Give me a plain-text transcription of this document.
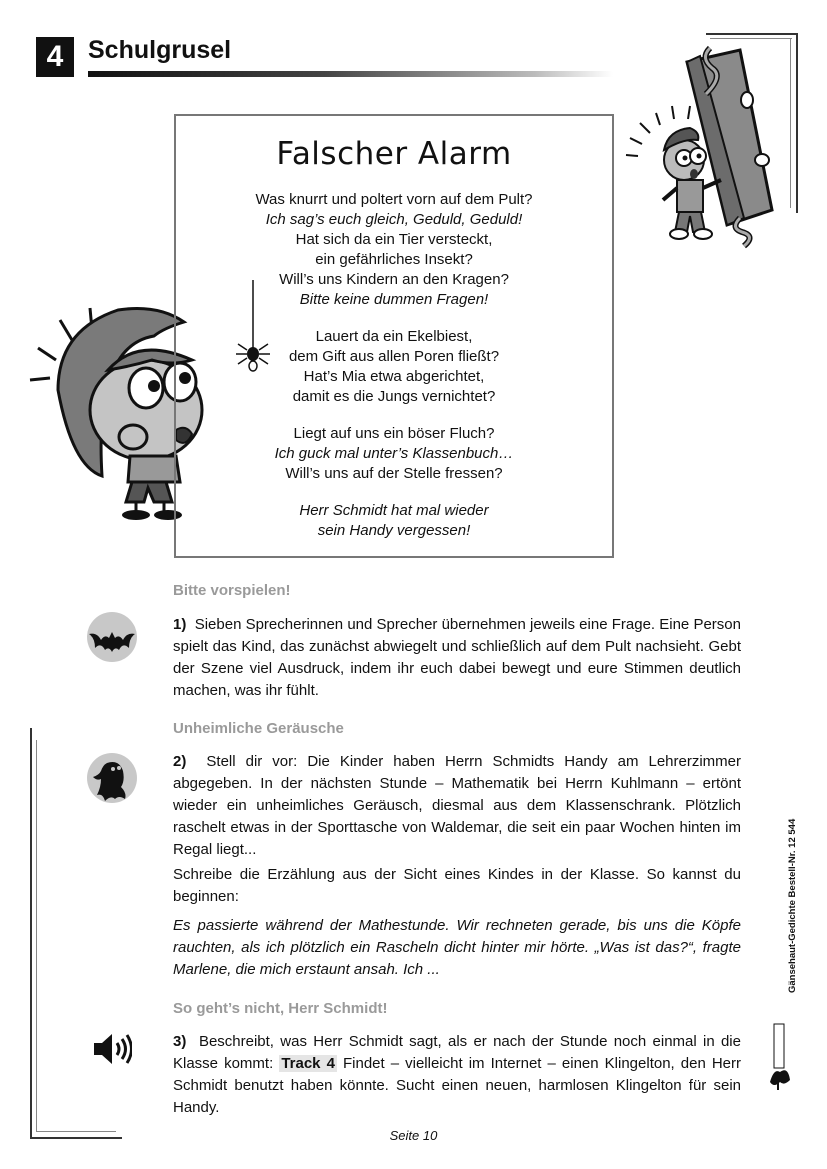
4 Schulgrusel
Falscher Alarm
Was knurrt und poltert vorn auf dem Pult?
Ich sag’s euch gleich, Geduld, Geduld!
Hat sich da ein Tier versteckt,
ein gefährliches Insekt?
Will’s uns Kindern an den Kragen?
Bitte keine dummen Fragen!
Lauert da ein Ekelbiest,
dem Gift aus allen Poren fließt?
Hat’s Mia etwa abgerichtet,
damit es die Jungs vernichtet?
Liegt auf uns ein böser Fluch?
Ich guck mal unter’s Klassenbuch…
Will’s uns auf der Stelle fressen?
Herr Schmidt hat mal wieder
sein Handy vergessen!
Bitte vorspielen!
1) Sieben Sprecherinnen und Sprecher übernehmen jeweils eine Frage. Eine Person spielt das Kind, das zunächst abwiegelt und schließlich auf dem Pult nachsieht. Gebt der Szene viel Ausdruck, indem ihr euch dabei bewegt und eure Stimmen deutlich machen, was ihr fühlt.
Unheimliche Geräusche
2) Stell dir vor: Die Kinder haben Herrn Schmidts Handy am Lehrerzimmer abgegeben. In der nächsten Stunde – Mathematik bei Herrn Kuhlmann – ertönt wieder ein unheimliches Geräusch, diesmal aus dem Klassenschrank. Plötzlich raschelt etwas in der Sporttasche von Waldemar, die seit ein paar Wochen hinten im Regal liegt...
Schreibe die Erzählung aus der Sicht eines Kindes in der Klasse. So kannst du beginnen:
Es passierte während der Mathestunde. Wir rechneten gerade, bis uns die Köpfe rauchten, als ich plötzlich ein Rascheln dicht hinter mir hörte. „Was ist das?“, fragte Marlene, die mich erstaunt ansah. Ich ...
So geht’s nicht, Herr Schmidt!
3) Beschreibt, was Herr Schmidt sagt, als er nach der Stunde noch einmal in die Klasse kommt: Track 4 Findet – vielleicht im Internet – einen Klingelton, den Herr Schmidt benutzt haben könnte. Sucht einen neuen, harmlosen Klingelton für sein Handy.
Gänsehaut-Gedichte Bestell-Nr. 12 544
Seite 10
